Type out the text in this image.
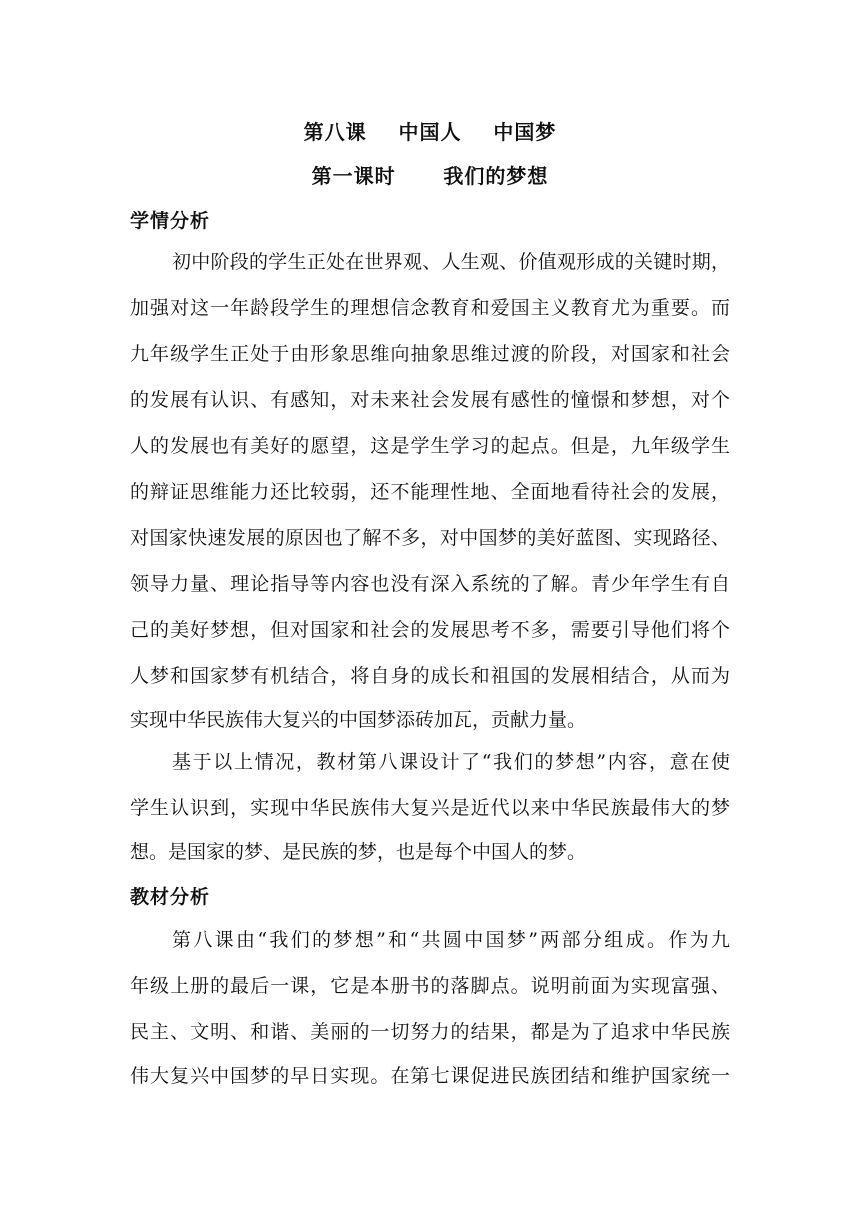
第八课    中国人    中国梦
第一课时      我们的梦想
学情分析
初中阶段的学生正处在世界观、人生观、价值观形成的关键时期，
加强对这一年龄段学生的理想信念教育和爱国主义教育尤为重要。而
九年级学生正处于由形象思维向抽象思维过渡的阶段，对国家和社会
的发展有认识、有感知，对未来社会发展有感性的憧憬和梦想，对个
人的发展也有美好的愿望，这是学生学习的起点。但是，九年级学生
的辩证思维能力还比较弱，还不能理性地、全面地看待社会的发展，
对国家快速发展的原因也了解不多，对中国梦的美好蓝图、实现路径、
领导力量、理论指导等内容也没有深入系统的了解。青少年学生有自
己的美好梦想，但对国家和社会的发展思考不多，需要引导他们将个
人梦和国家梦有机结合，将自身的成长和祖国的发展相结合，从而为
实现中华民族伟大复兴的中国梦添砖加瓦，贡献力量。
基于以上情况，教材第八课设计了“我们的梦想”内容，意在使
学生认识到，实现中华民族伟大复兴是近代以来中华民族最伟大的梦
想。是国家的梦、是民族的梦，也是每个中国人的梦。
教材分析
第八课由“我们的梦想”和“共圆中国梦”两部分组成。作为九
年级上册的最后一课，它是本册书的落脚点。说明前面为实现富强、
民主、文明、和谐、美丽的一切努力的结果，都是为了追求中华民族
伟大复兴中国梦的早日实现。在第七课促进民族团结和维护国家统一
